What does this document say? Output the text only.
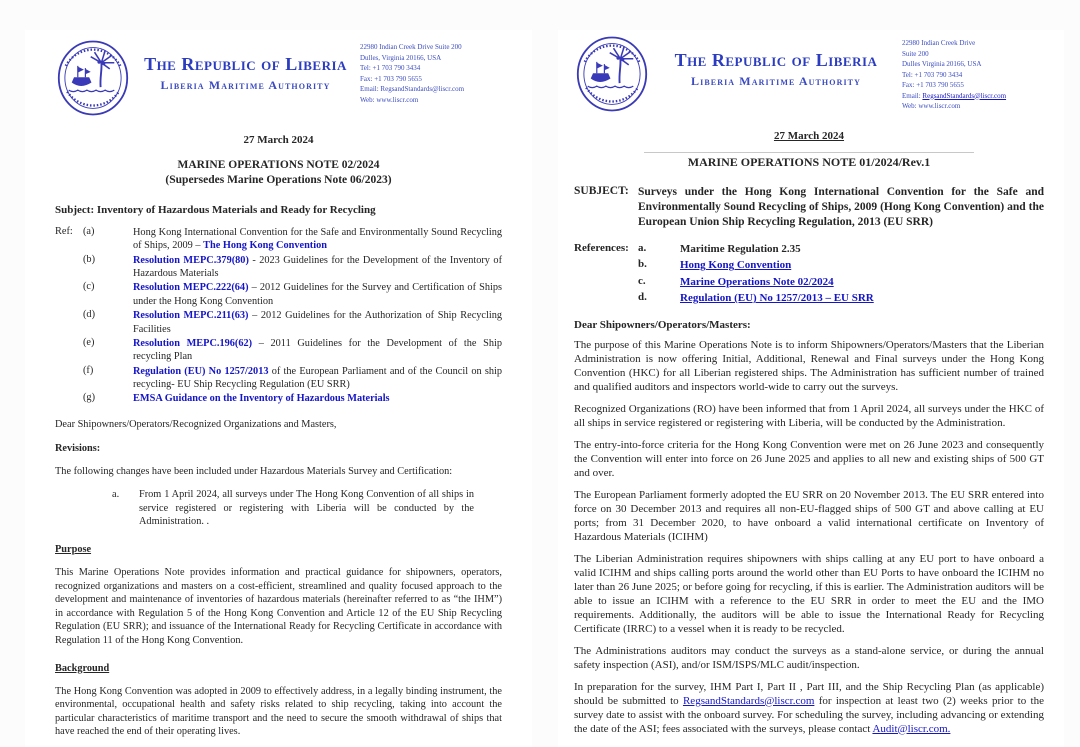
The Republic of Liberia
Liberia Maritime Authority
22980 Indian Creek Drive Suite 200
Dulles, Virginia 20166, USA
Tel: +1 703 790 3434
Fax: +1 703 790 5655
Email: RegsandStandards@liscr.com
Web: www.liscr.com
27 March 2024
MARINE OPERATIONS NOTE 02/2024
(Supersedes Marine Operations Note 06/2023)
Subject: Inventory of Hazardous Materials and Ready for Recycling
Ref: (a)	Hong Kong International Convention for the Safe and Environmentally Sound Recycling of Ships, 2009 – The Hong Kong Convention
(b)	Resolution MEPC.379(80) - 2023 Guidelines for the Development of the Inventory of Hazardous Materials
(c)	Resolution MEPC.222(64) – 2012 Guidelines for the Survey and Certification of Ships under the Hong Kong Convention
(d)	Resolution MEPC.211(63) – 2012 Guidelines for the Authorization of Ship Recycling Facilities
(e)	Resolution MEPC.196(62) – 2011 Guidelines for the Development of the Ship recycling Plan
(f)	Regulation (EU) No 1257/2013 of the European Parliament and of the Council on ship recycling- EU Ship Recycling Regulation (EU SRR)
(g)	EMSA Guidance on the Inventory of Hazardous Materials

Dear Shipowners/Operators/Recognized Organizations and Masters,

Revisions:

The following changes have been included under Hazardous Materials Survey and Certification:

a.	From 1 April 2024, all surveys under The Hong Kong Convention of all ships in service registered or registering with Liberia will be conducted by the Administration. .

Purpose

This Marine Operations Note provides information and practical guidance for shipowners, operators, recognized organizations and masters on a cost-efficient, streamlined and quality focused approach to the development and maintenance of inventories of hazardous materials (hereinafter referred to as “the IHM”) in accordance with Regulation 5 of the Hong Kong Convention and Article 12 of the EU Ship Recycling Regulation (EU SRR); and issuance of the International Ready for Recycling Certificate in accordance with Regulation 11 of the Hong Kong Convention.

Background

The Hong Kong Convention was adopted in 2009 to effectively address, in a legally binding instrument, the environmental, occupational health and safety risks related to ship recycling, taking into account the particular characteristics of maritime transport and the need to secure the smooth withdrawal of ships that have reached the end of their operating lives.

The Republic of Liberia
Liberia Maritime Authority
22980 Indian Creek Drive
Suite 200
Dulles Virginia 20166, USA
Tel: +1 703 790 3434
Fax: +1 703 790 5655
Email: RegsandStandards@liscr.com
Web: www.liscr.com
27 March 2024
MARINE OPERATIONS NOTE 01/2024/Rev.1
SUBJECT: Surveys under the Hong Kong International Convention for the Safe and Environmentally Sound Recycling of Ships, 2009 (Hong Kong Convention) and the European Union Ship Recycling Regulation, 2013 (EU SRR)
References: a.	Maritime Regulation 2.35
b.	Hong Kong Convention
c.	Marine Operations Note 02/2024
d.	Regulation (EU) No 1257/2013 – EU SRR

Dear Shipowners/Operators/Masters:

The purpose of this Marine Operations Note is to inform Shipowners/Operators/Masters that the Liberian Administration is now offering Initial, Additional, Renewal and Final surveys under the Hong Kong Convention (HKC) for all Liberian registered ships. The Administration has sufficient number of trained and qualified auditors and inspectors world-wide to carry out the surveys.

Recognized Organizations (RO) have been informed that from 1 April 2024, all surveys under the HKC of all ships in service registered or registering with Liberia, will be conducted by the Administration.

The entry-into-force criteria for the Hong Kong Convention were met on 26 June 2023 and consequently the Convention will enter into force on 26 June 2025 and applies to all new and existing ships of 500 GT and over.

The European Parliament formerly adopted the EU SRR on 20 November 2013. The EU SRR entered into force on 30 December 2013 and requires all non-EU-flagged ships of 500 GT and above calling at EU ports; from 31 December 2020, to have onboard a valid international certificate on Inventory of Hazardous Materials (ICIHM)

The Liberian Administration requires shipowners with ships calling at any EU port to have onboard a valid ICIHM and ships calling ports around the world other than EU Ports to have onboard the ICIHM no later than 26 June 2025; or before going for recycling, if this is earlier. The Administration auditors will be able to issue an ICIHM with a reference to the EU SRR in order to meet the EU and the IMO requirements. Additionally, the auditors will be able to issue the International Ready for Recycling Certificate (IRRC) to a vessel when it is ready to be recycled.

The Administrations auditors may conduct the surveys as a stand-alone service, or during the annual safety inspection (ASI), and/or ISM/ISPS/MLC audit/inspection.

In preparation for the survey, IHM Part I, Part II , Part III, and the Ship Recycling Plan (as applicable) should be submitted to RegsandStandards@liscr.com for inspection at least two (2) weeks prior to the survey date to assist with the onboard survey. For scheduling the survey, including advancing or extending the date of the ASI; fees associated with the surveys, please contact Audit@liscr.com.
